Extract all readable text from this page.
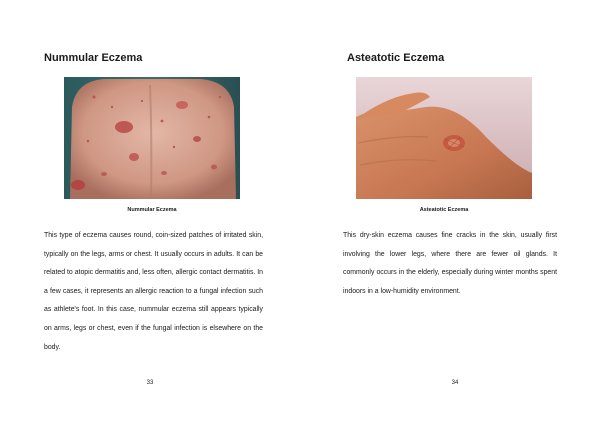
Nummular Eczema
Nummular Eczema

This type of eczema causes round, coin-sized patches of irritated skin, typically on the legs, arms or chest. It usually occurs in adults. It can be related to atopic dermatitis and, less often, allergic contact dermatitis. In a few cases, it represents an allergic reaction to a fungal infection such as athlete's foot. In this case, nummular eczema still appears typically on arms, legs or chest, even if the fungal infection is elsewhere on the body.

33
Asteatotic Eczema
Asteatotic Eczema

This dry-skin eczema causes fine cracks in the skin, usually first involving the lower legs, where there are fewer oil glands. It commonly occurs in the elderly, especially during winter months spent indoors in a low-humidity environment.

34
